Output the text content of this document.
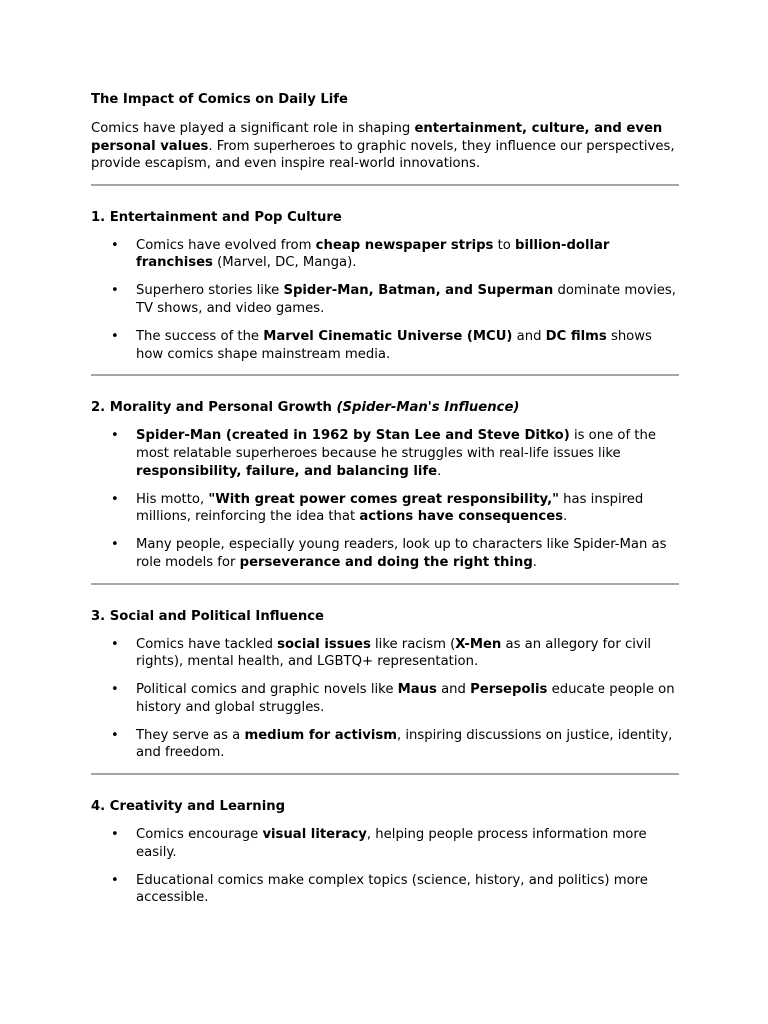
The Impact of Comics on Daily Life

Comics have played a significant role in shaping entertainment, culture, and even personal values. From superheroes to graphic novels, they influence our perspectives, provide escapism, and even inspire real-world innovations.

1. Entertainment and Pop Culture
• Comics have evolved from cheap newspaper strips to billion-dollar franchises (Marvel, DC, Manga).
• Superhero stories like Spider-Man, Batman, and Superman dominate movies, TV shows, and video games.
• The success of the Marvel Cinematic Universe (MCU) and DC films shows how comics shape mainstream media.
2. Morality and Personal Growth (Spider-Man's Influence)
• Spider-Man (created in 1962 by Stan Lee and Steve Ditko) is one of the most relatable superheroes because he struggles with real-life issues like responsibility, failure, and balancing life.
• His motto, "With great power comes great responsibility," has inspired millions, reinforcing the idea that actions have consequences.
• Many people, especially young readers, look up to characters like Spider-Man as role models for perseverance and doing the right thing.
3. Social and Political Influence
• Comics have tackled social issues like racism (X-Men as an allegory for civil rights), mental health, and LGBTQ+ representation.
• Political comics and graphic novels like Maus and Persepolis educate people on history and global struggles.
• They serve as a medium for activism, inspiring discussions on justice, identity, and freedom.
4. Creativity and Learning
• Comics encourage visual literacy, helping people process information more easily.
• Educational comics make complex topics (science, history, and politics) more accessible.
